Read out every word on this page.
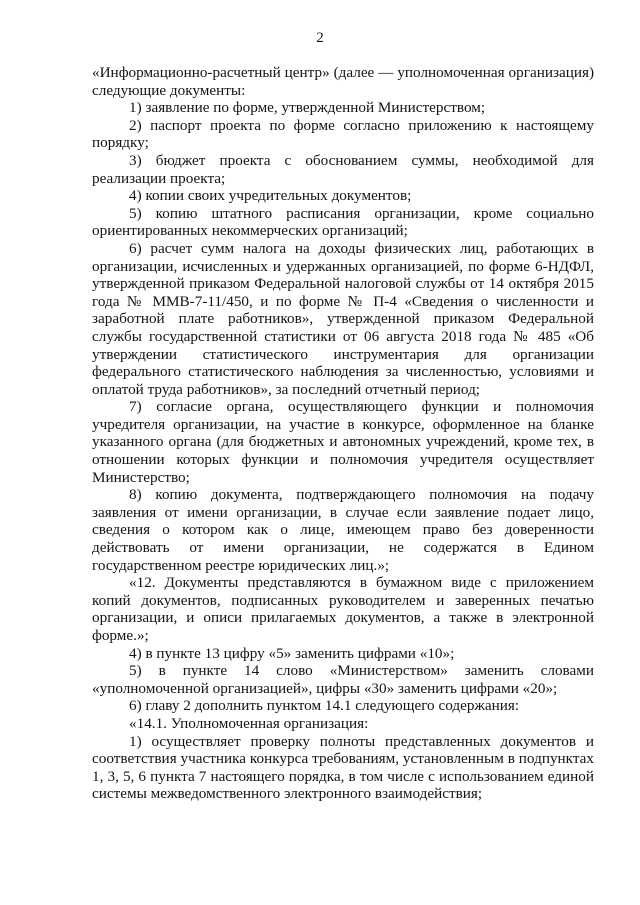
2

«Информационно-расчетный центр» (далее — уполномоченная организация) следующие документы:

1) заявление по форме, утвержденной Министерством;

2) паспорт проекта по форме согласно приложению к настоящему порядку;

3) бюджет проекта с обоснованием суммы, необходимой для реализации проекта;

4) копии своих учредительных документов;

5) копию штатного расписания организации, кроме социально ориентированных некоммерческих организаций;

6) расчет сумм налога на доходы физических лиц, работающих в организации, исчисленных и удержанных организацией, по форме 6-НДФЛ, утвержденной приказом Федеральной налоговой службы от 14 октября 2015 года № ММВ-7-11/450, и по форме № П-4 «Сведения о численности и заработной плате работников», утвержденной приказом Федеральной службы государственной статистики от 06 августа 2018 года № 485 «Об утверждении статистического инструментария для организации федерального статистического наблюдения за численностью, условиями и оплатой труда работников», за последний отчетный период;

7) согласие органа, осуществляющего функции и полномочия учредителя организации, на участие в конкурсе, оформленное на бланке указанного органа (для бюджетных и автономных учреждений, кроме тех, в отношении которых функции и полномочия учредителя осуществляет Министерство;

8) копию документа, подтверждающего полномочия на подачу заявления от имени организации, в случае если заявление подает лицо, сведения о котором как о лице, имеющем право без доверенности действовать от имени организации, не содержатся в Едином государственном реестре юридических лиц.»;

«12. Документы представляются в бумажном виде с приложением копий документов, подписанных руководителем и заверенных печатью организации, и описи прилагаемых документов, а также в электронной форме.»;

4) в пункте 13 цифру «5» заменить цифрами «10»;

5) в пункте 14 слово «Министерством» заменить словами «уполномоченной организацией», цифры «30» заменить цифрами «20»;

6) главу 2 дополнить пунктом 14.1 следующего содержания:

«14.1. Уполномоченная организация:

1) осуществляет проверку полноты представленных документов и соответствия участника конкурса требованиям, установленным в подпунктах 1, 3, 5, 6 пункта 7 настоящего порядка, в том числе с использованием единой системы межведомственного электронного взаимодействия;
